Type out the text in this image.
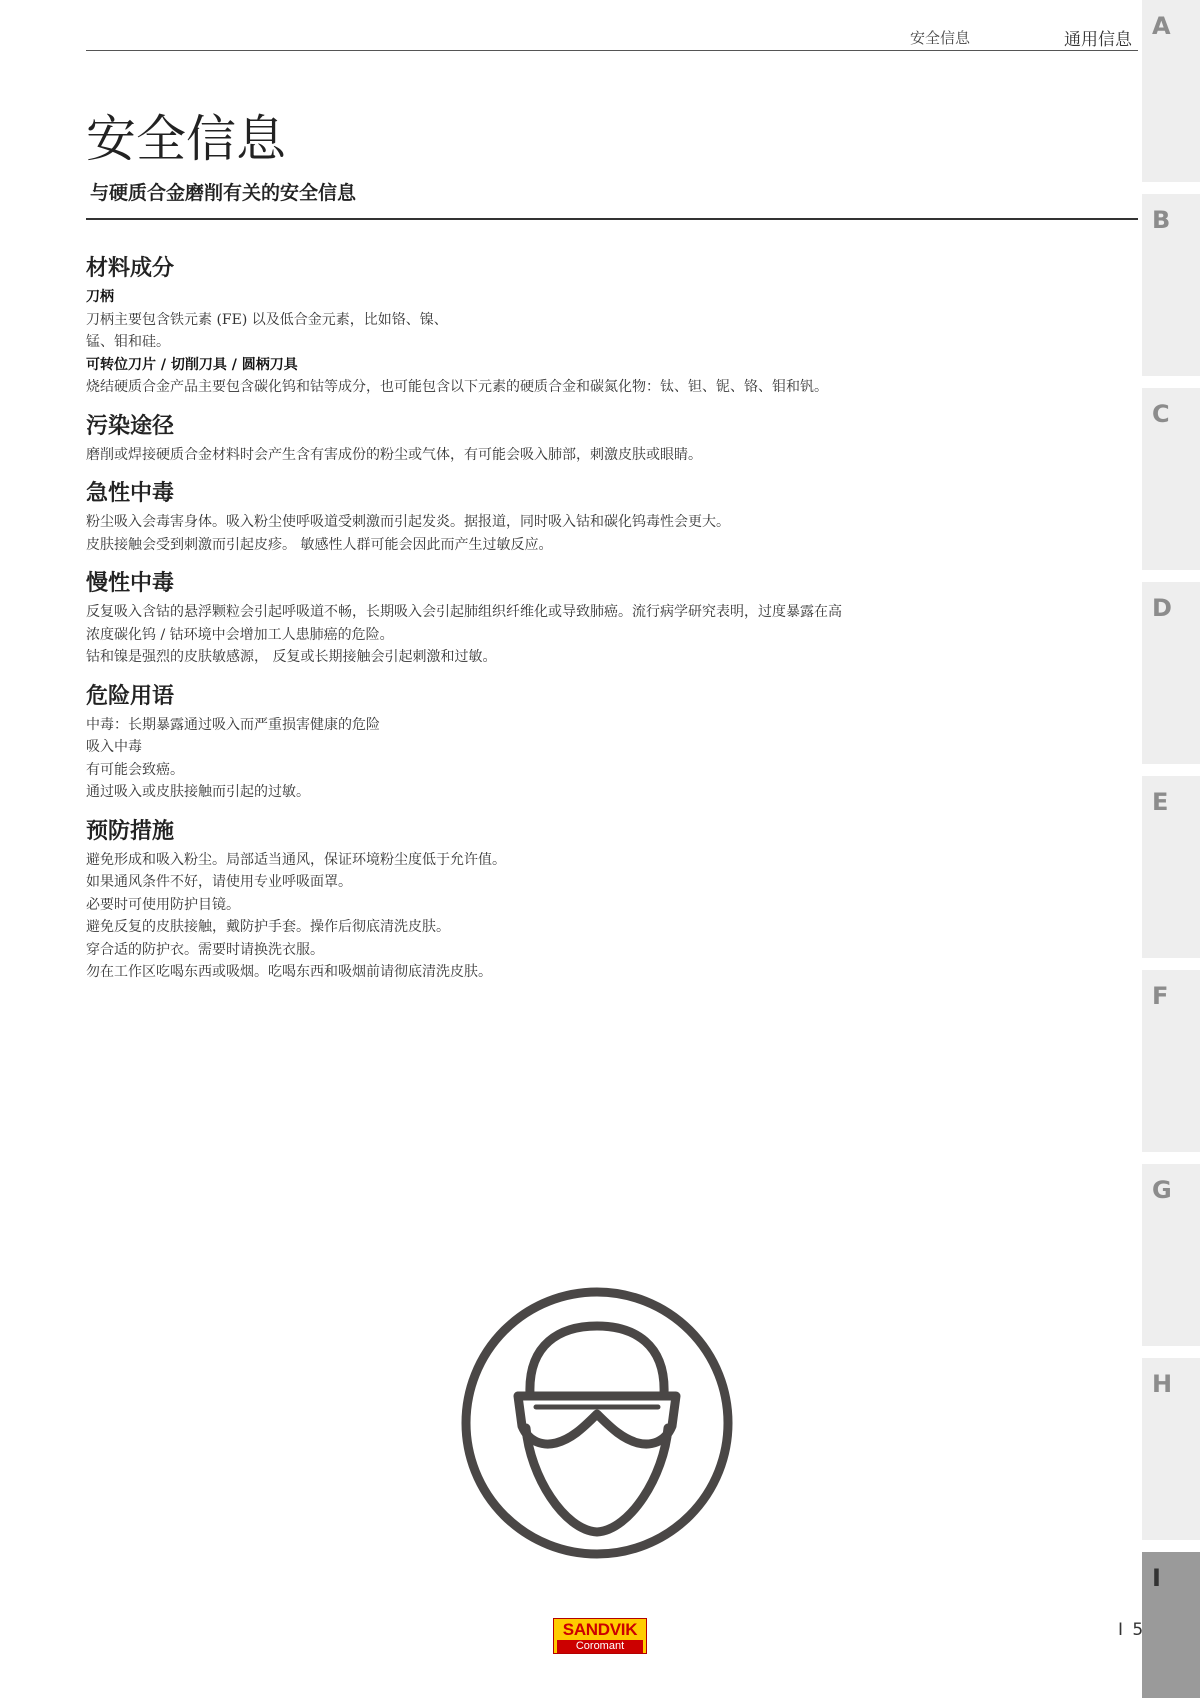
安全信息	通用信息
安全信息
与硬质合金磨削有关的安全信息
材料成分
刀柄

刀柄主要包含铁元素 (FE) 以及低合金元素，比如铬、镍、

锰、钼和硅。

可转位刀片 / 切削刀具 / 圆柄刀具

烧结硬质合金产品主要包含碳化钨和钴等成分，也可能包含以下元素的硬质合金和碳氮化物：钛、钽、铌、铬、钼和钒。

污染途径

磨削或焊接硬质合金材料时会产生含有害成份的粉尘或气体，有可能会吸入肺部，刺激皮肤或眼睛。

急性中毒

粉尘吸入会毒害身体。吸入粉尘使呼吸道受刺激而引起发炎。据报道，同时吸入钴和碳化钨毒性会更大。

皮肤接触会受到刺激而引起皮疹。 敏感性人群可能会因此而产生过敏反应。

慢性中毒

反复吸入含钴的悬浮颗粒会引起呼吸道不畅，长期吸入会引起肺组织纤维化或导致肺癌。流行病学研究表明，过度暴露在高

浓度碳化钨 / 钴环境中会增加工人患肺癌的危险。

钴和镍是强烈的皮肤敏感源， 反复或长期接触会引起刺激和过敏。

危险用语

中毒：长期暴露通过吸入而严重损害健康的危险

吸入中毒

有可能会致癌。

通过吸入或皮肤接触而引起的过敏。

预防措施

避免形成和吸入粉尘。局部适当通风，保证环境粉尘度低于允许值。

如果通风条件不好，请使用专业呼吸面罩。

必要时可使用防护目镜。

避免反复的皮肤接触，戴防护手套。操作后彻底清洗皮肤。

穿合适的防护衣。需要时请换洗衣服。

勿在工作区吃喝东西或吸烟。吃喝东西和吸烟前请彻底清洗皮肤。

A
B
C
D
E
F
G
H
I
SANDVIK
Coromant
I 5
